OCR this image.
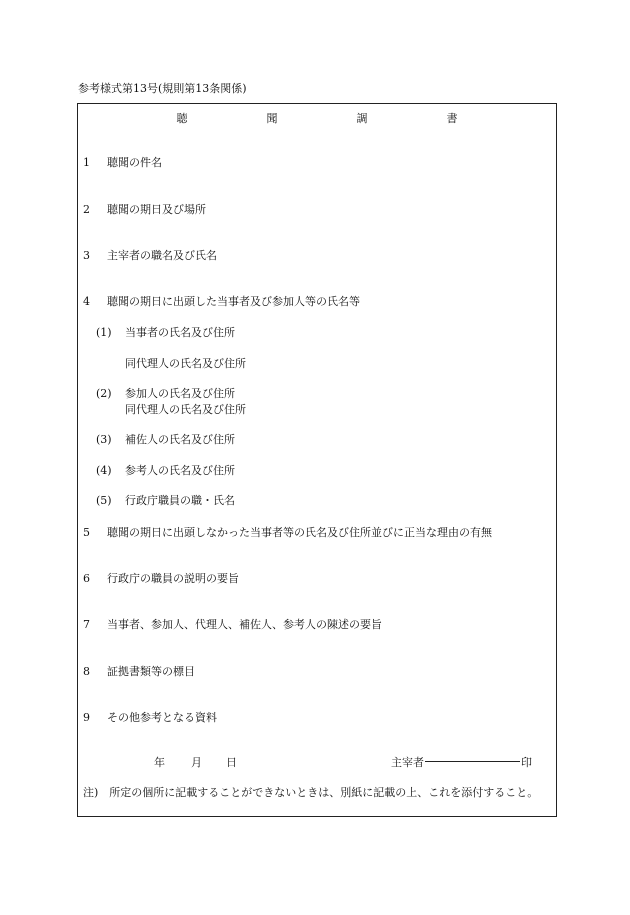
参考様式第13号(規則第13条関係)
聴　聞　調　書
1 聴聞の件名
2 聴聞の期日及び場所
3 主宰者の職名及び氏名
4 聴聞の期日に出頭した当事者及び参加人等の氏名等
(1) 当事者の氏名及び住所
同代理人の氏名及び住所
(2) 参加人の氏名及び住所
同代理人の氏名及び住所
(3) 補佐人の氏名及び住所
(4) 参考人の氏名及び住所
(5) 行政庁職員の職・氏名
5 聴聞の期日に出頭しなかった当事者等の氏名及び住所並びに正当な理由の有無
6 行政庁の職員の説明の要旨
7 当事者、参加人、代理人、補佐人、参考人の陳述の要旨
8 証拠書類等の標目
9 その他参考となる資料
年 月 日	主宰者	印
注)　所定の個所に記載することができないときは、別紙に記載の上、これを添付すること。
